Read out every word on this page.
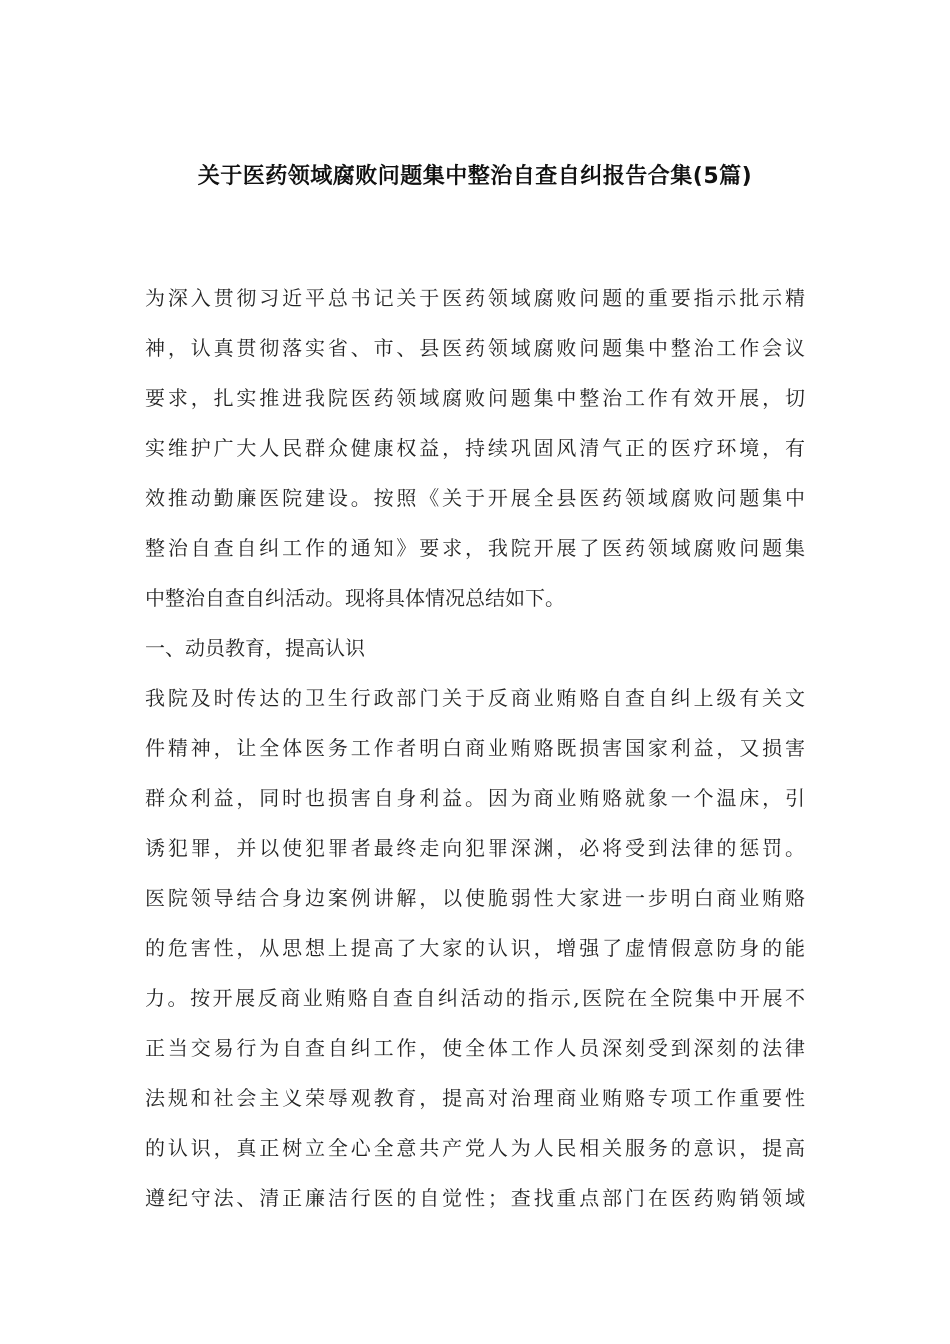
关于医药领域腐败问题集中整治自查自纠报告合集(5篇)
为深入贯彻习近平总书记关于医药领域腐败问题的重要指示批示精
神，认真贯彻落实省、市、县医药领域腐败问题集中整治工作会议
要求，扎实推进我院医药领域腐败问题集中整治工作有效开展，切
实维护广大人民群众健康权益，持续巩固风清气正的医疗环境，有
效推动勤廉医院建设。按照《关于开展全县医药领域腐败问题集中
整治自查自纠工作的通知》要求，我院开展了医药领域腐败问题集
中整治自查自纠活动。现将具体情况总结如下。
一、动员教育，提高认识
我院及时传达的卫生行政部门关于反商业贿赂自查自纠上级有关文
件精神，让全体医务工作者明白商业贿赂既损害国家利益，又损害
群众利益，同时也损害自身利益。因为商业贿赂就象一个温床，引
诱犯罪，并以使犯罪者最终走向犯罪深渊，必将受到法律的惩罚。
医院领导结合身边案例讲解，以使脆弱性大家进一步明白商业贿赂
的危害性，从思想上提高了大家的认识，增强了虚情假意防身的能
力。按开展反商业贿赂自查自纠活动的指示,医院在全院集中开展不
正当交易行为自查自纠工作，使全体工作人员深刻受到深刻的法律
法规和社会主义荣辱观教育，提高对治理商业贿赂专项工作重要性
的认识，真正树立全心全意共产党人为人民相关服务的意识，提高
遵纪守法、清正廉洁行医的自觉性；查找重点部门在医药购销领域
